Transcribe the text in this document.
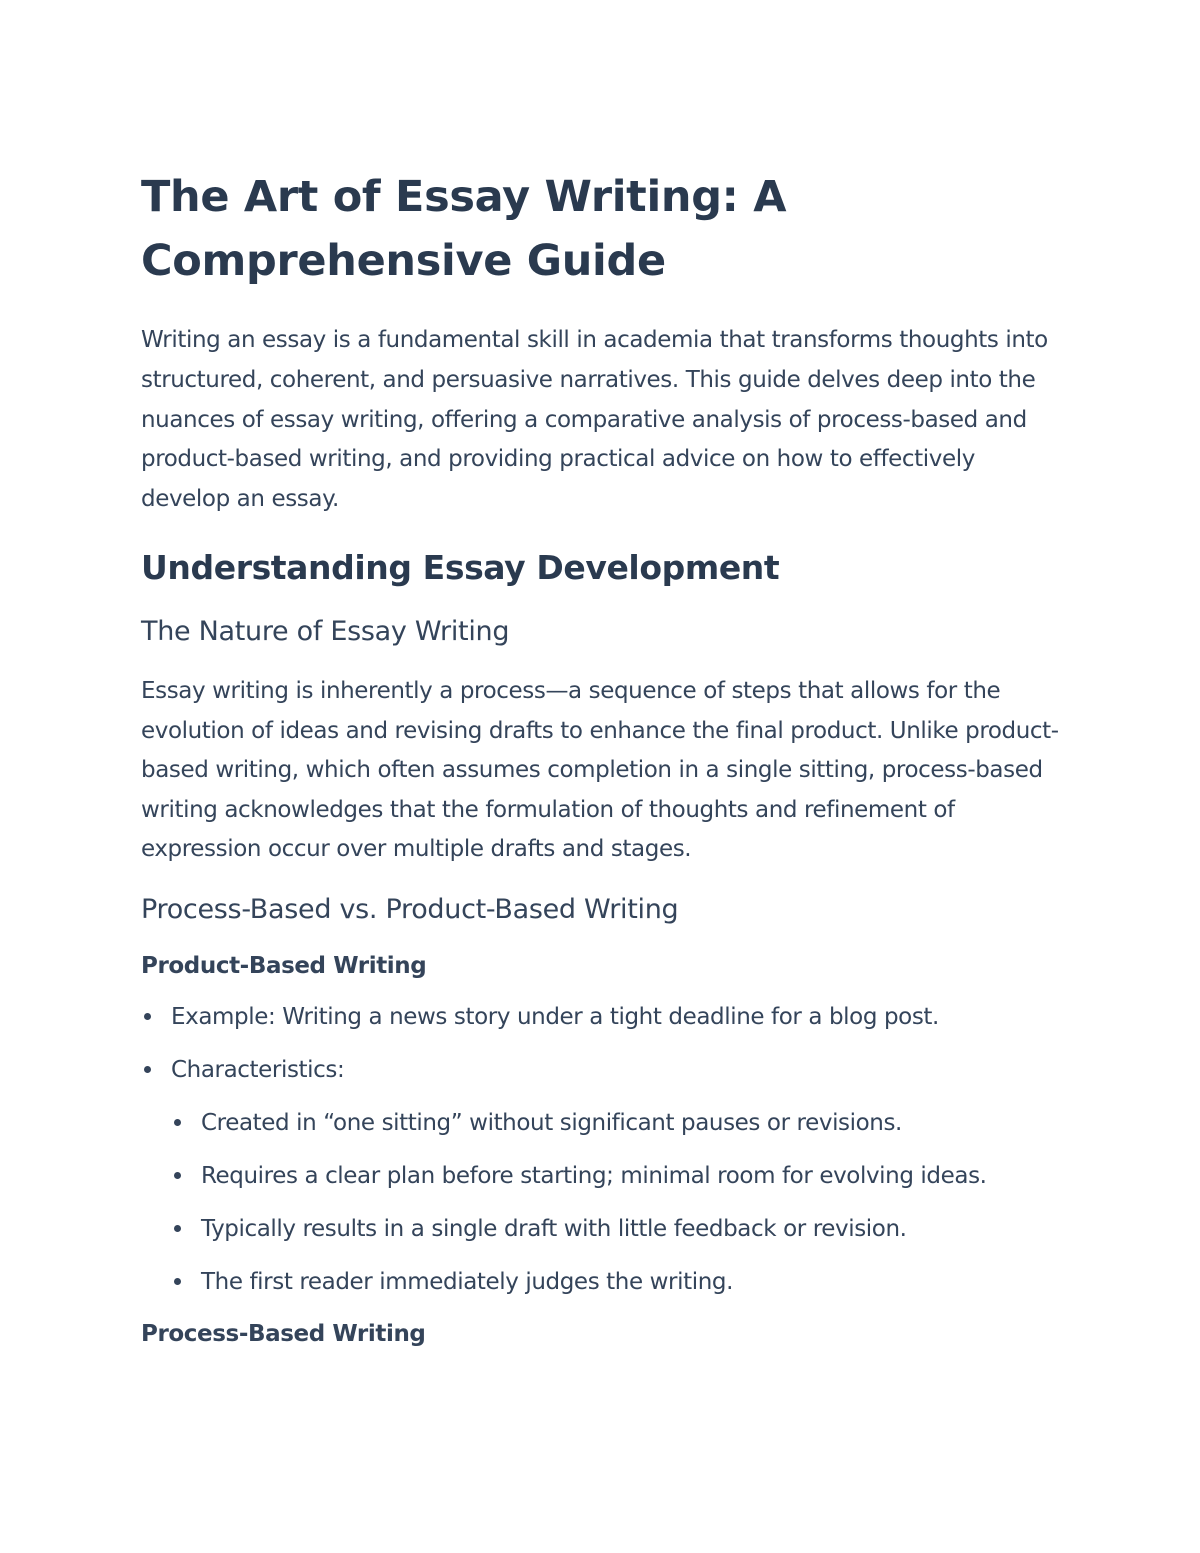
The Art of Essay Writing: A Comprehensive Guide

Writing an essay is a fundamental skill in academia that transforms thoughts into structured, coherent, and persuasive narratives. This guide delves deep into the nuances of essay writing, offering a comparative analysis of process-based and product-based writing, and providing practical advice on how to effectively develop an essay.

Understanding Essay Development
The Nature of Essay Writing

Essay writing is inherently a process—a sequence of steps that allows for the evolution of ideas and revising drafts to enhance the final product. Unlike product-based writing, which often assumes completion in a single sitting, process-based writing acknowledges that the formulation of thoughts and refinement of expression occur over multiple drafts and stages.

Process-Based vs. Product-Based Writing
Product-Based Writing
Example: Writing a news story under a tight deadline for a blog post.
Characteristics:
Created in “one sitting” without significant pauses or revisions.
Requires a clear plan before starting; minimal room for evolving ideas.
Typically results in a single draft with little feedback or revision.
The first reader immediately judges the writing.
Process-Based Writing
